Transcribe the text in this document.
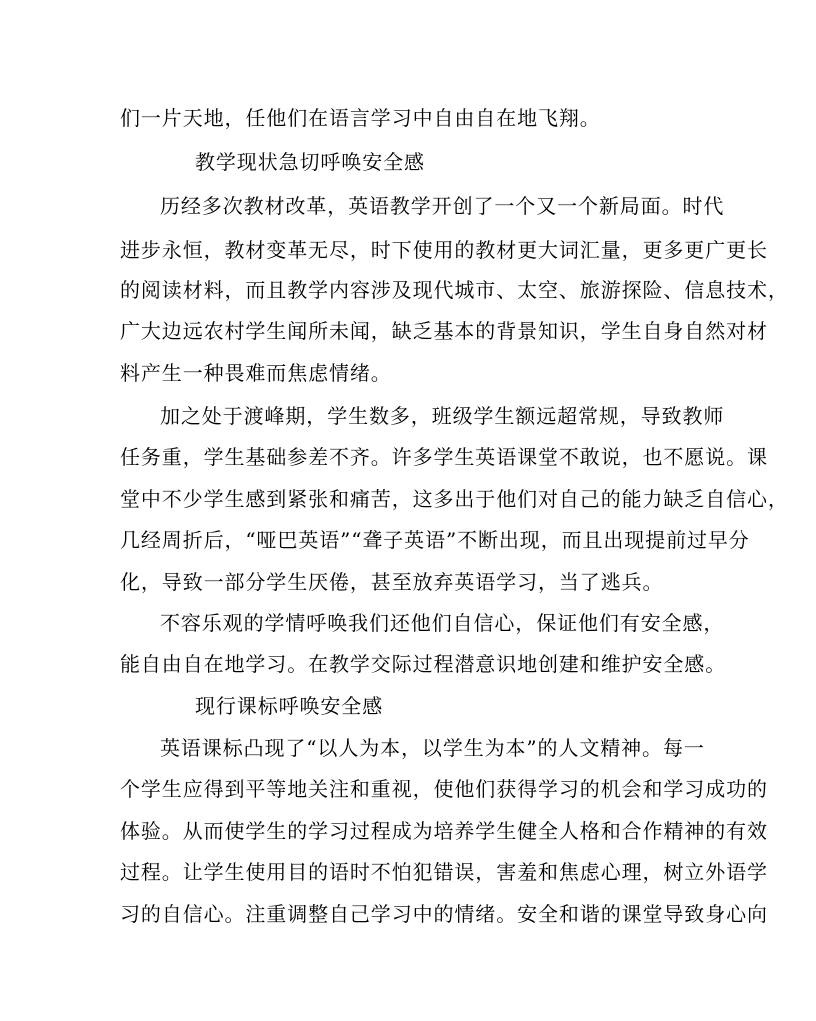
们一片天地，任他们在语言学习中自由自在地飞翔。
教学现状急切呼唤安全感
历经多次教材改革，英语教学开创了一个又一个新局面。时代
进步永恒，教材变革无尽，时下使用的教材更大词汇量，更多更广更长
的阅读材料，而且教学内容涉及现代城市、太空、旅游探险、信息技术，
广大边远农村学生闻所未闻，缺乏基本的背景知识，学生自身自然对材
料产生一种畏难而焦虑情绪。
加之处于渡峰期，学生数多，班级学生额远超常规，导致教师
任务重，学生基础参差不齐。许多学生英语课堂不敢说，也不愿说。课
堂中不少学生感到紧张和痛苦，这多出于他们对自己的能力缺乏自信心，
几经周折后，“哑巴英语”“聋子英语”不断出现，而且出现提前过早分
化，导致一部分学生厌倦，甚至放弃英语学习，当了逃兵。
不容乐观的学情呼唤我们还他们自信心，保证他们有安全感，
能自由自在地学习。在教学交际过程潜意识地创建和维护安全感。
现行课标呼唤安全感
英语课标凸现了“以人为本，以学生为本”的人文精神。每一
个学生应得到平等地关注和重视，使他们获得学习的机会和学习成功的
体验。从而使学生的学习过程成为培养学生健全人格和合作精神的有效
过程。让学生使用目的语时不怕犯错误，害羞和焦虑心理，树立外语学
习的自信心。注重调整自己学习中的情绪。安全和谐的课堂导致身心向
